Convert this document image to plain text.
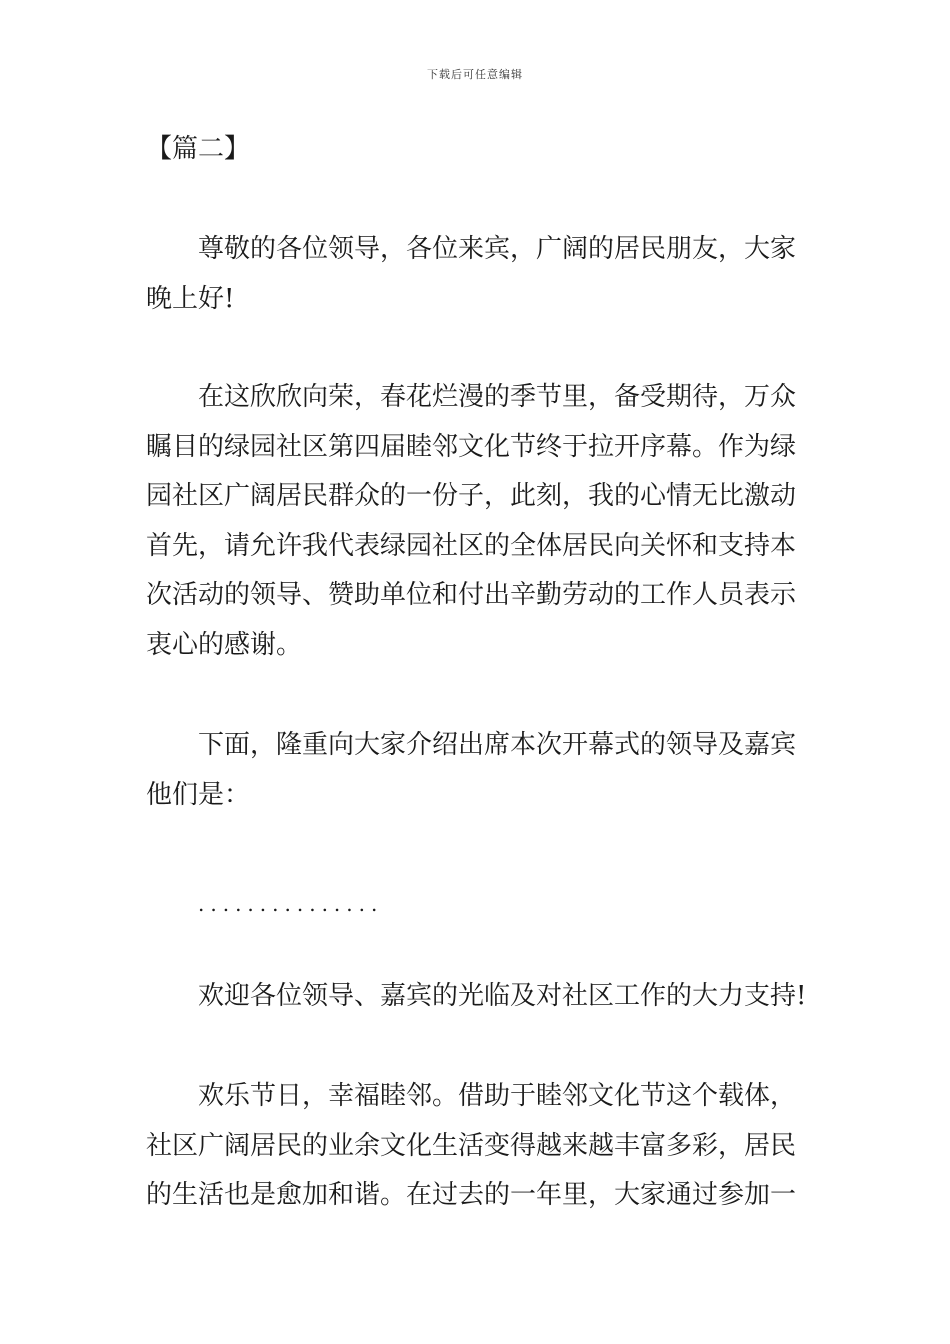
下载后可任意编辑
【篇二】
尊敬的各位领导，各位来宾，广阔的居民朋友，大家
晚上好!
在这欣欣向荣，春花烂漫的季节里，备受期待，万众
瞩目的绿园社区第四届睦邻文化节终于拉开序幕。作为绿
园社区广阔居民群众的一份子，此刻，我的心情无比激动
首先，请允许我代表绿园社区的全体居民向关怀和支持本
次活动的领导、赞助单位和付出辛勤劳动的工作人员表示
衷心的感谢。
下面，隆重向大家介绍出席本次开幕式的领导及嘉宾
他们是：
...............
欢迎各位领导、嘉宾的光临及对社区工作的大力支持!
欢乐节日，幸福睦邻。借助于睦邻文化节这个载体，
社区广阔居民的业余文化生活变得越来越丰富多彩，居民
的生活也是愈加和谐。在过去的一年里，大家通过参加一
